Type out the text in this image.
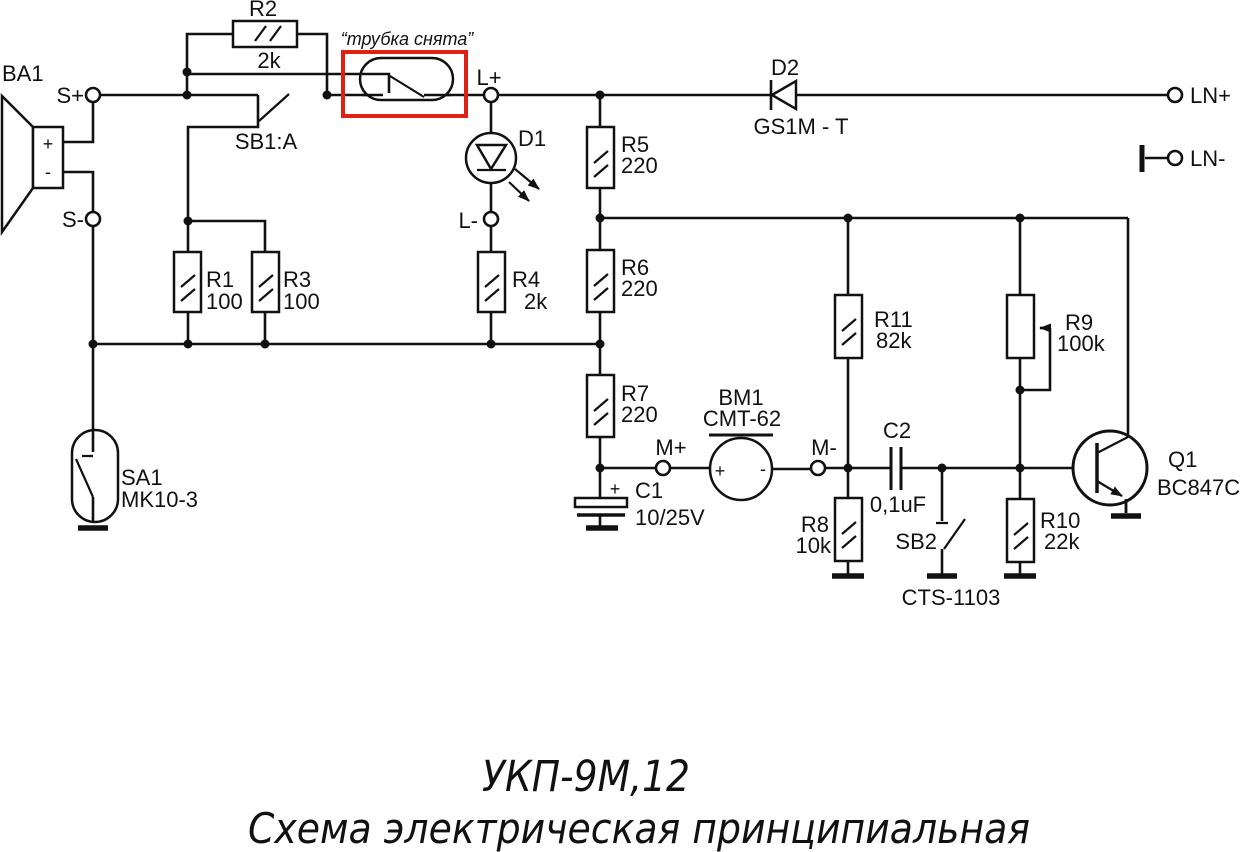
+
-
BA1
SB1:A
R2
2k
“трубка снята”
D1
R1
100
R3
100
R4
2k
SA1
MK10-3
R5
220
R6
220
R7
220
D2
GS1M - T
+ C1
10/25V
+ -
BM1
CMT-62	C2
0,1uF
R11
82k
R8
10k	SB2
CTS-1103
R9
100k
R10
22k
Q1
BC847C
S+
S-
L+
L-
M+	M-
LN+
LN-
УКП-9М,12
Схема электрическая принципиальная
